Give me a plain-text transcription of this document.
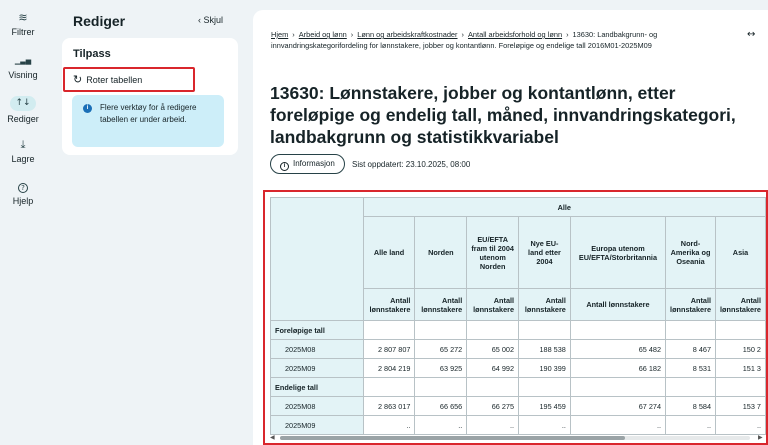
≋
Filtrer
▁▃▅
Visning
↑↓
Rediger
⤓
Lagre
?
Hjelp
Rediger	‹ Skjul
Tilpass
↻ Roter tabellen
i	Flere verktøy for å redigere tabellen er under arbeid.
Hjem › Arbeid og lønn › Lønn og arbeidskraftkostnader › Antall arbeidsforhold og lønn › 13630: Landbakgrunn- og innvandringskategorifordeling for lønnstakere, jobber og kontantlønn. Foreløpige og endelige tall 2016M01-2025M09
↔
13630: Lønnstakere, jobber og kontantlønn, etter foreløpige og endelig tall, måned, innvandringskategori, landbakgrunn og statistikkvariabel
i Informasjon	Sist oppdatert: 23.10.2025, 08:00
	Alle						
	Alle land	Norden	EU/EFTA fram til 2004 utenom Norden	Nye EU-land etter 2004	Europa utenom EU/EFTA/Storbritannia	Nord-Amerika og Oseania	Asia
	Antall lønnstakere	Antall lønnstakere	Antall lønnstakere	Antall lønnstakere	Antall lønnstakere	Antall lønnstakere	Antall lønnstakere
Foreløpige tall							
2025M08	2 807 807	65 272	65 002	188 538	65 482	8 467	150 2
2025M09	2 804 219	63 925	64 992	190 399	66 182	8 531	151 3
Endelige tall							
2025M08	2 863 017	66 656	66 275	195 459	67 274	8 584	153 7
2025M09	..	..	..	..	..	..	..
◀	▶
